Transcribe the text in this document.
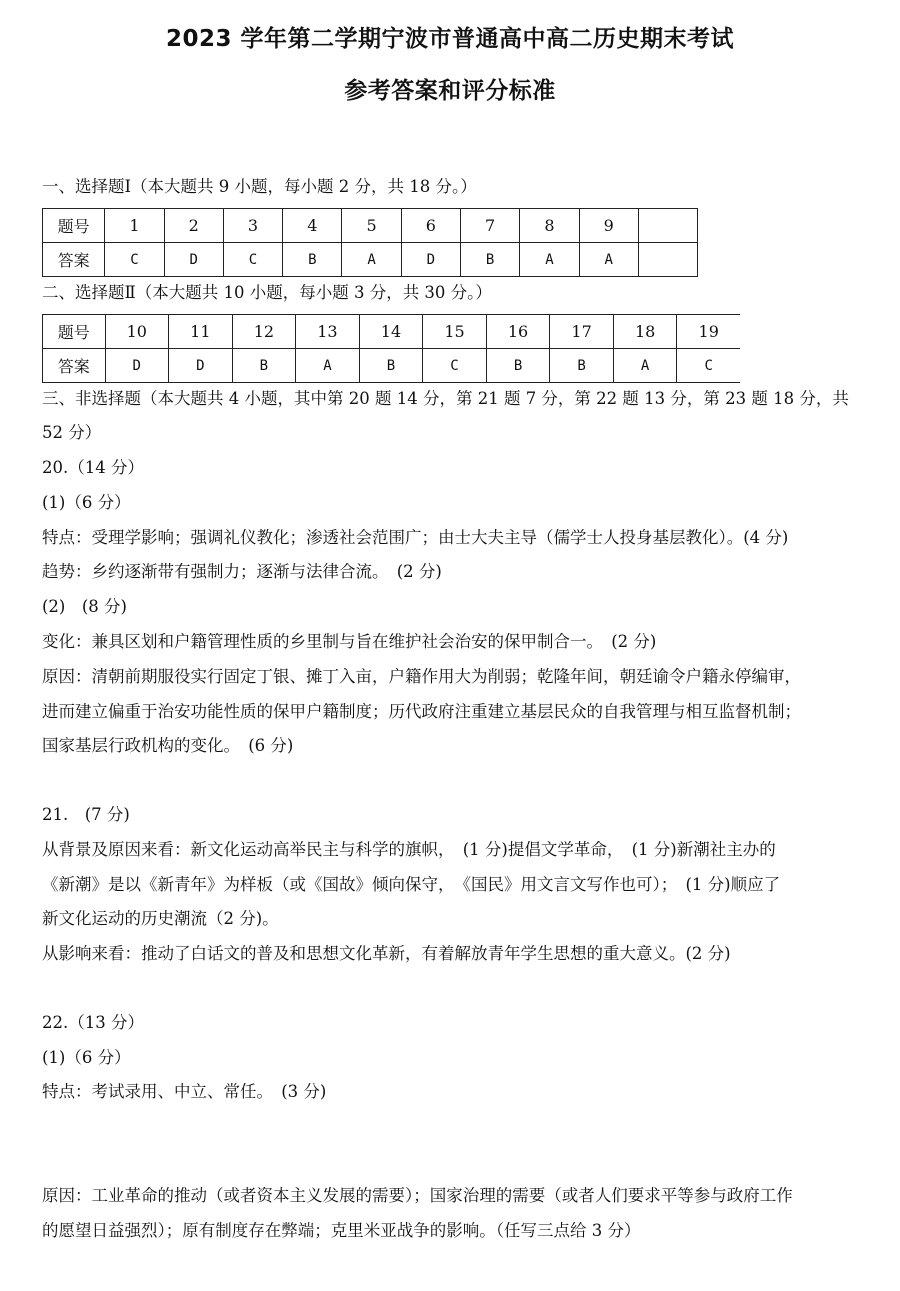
2023 学年第二学期宁波市普通高中高二历史期末考试
参考答案和评分标准
一、选择题Ⅰ（本大题共 9 小题，每小题 2 分，共 18 分。）
题号	1	2	3	4	5	6	7	8	9	
答案	C	D	C	B	A	D	B	A	A	
二、选择题Ⅱ（本大题共 10 小题，每小题 3 分，共 30 分。）
题号	10	11	12	13	14	15	16	17	18	19
答案	D	D	B	A	B	C	B	B	A	C
三、非选择题（本大题共 4 小题，其中第 20 题 14 分，第 21 题 7 分，第 22 题 13 分，第 23 题 18 分，共
52 分）
20.（14 分）
(1)（6 分）
特点：受理学影响；强调礼仪教化；渗透社会范围广；由士大夫主导（儒学士人投身基层教化）。(4 分)
趋势：乡约逐渐带有强制力；逐渐与法律合流。　(2 分)
(2)　(8 分)
变化：兼具区划和户籍管理性质的乡里制与旨在维护社会治安的保甲制合一。　(2 分)
原因：清朝前期服役实行固定丁银、摊丁入亩，户籍作用大为削弱；乾隆年间，朝廷谕令户籍永停编审，
进而建立偏重于治安功能性质的保甲户籍制度；历代政府注重建立基层民众的自我管理与相互监督机制；
国家基层行政机构的变化。　(6 分)
21.　(7 分)
从背景及原因来看：新文化运动高举民主与科学的旗帜，　(1 分)提倡文学革命，　(1 分)新潮社主办的
《新潮》是以《新青年》为样板（或《国故》倾向保守，　《国民》用文言文写作也可）；　(1 分)顺应了
新文化运动的历史潮流（2 分)。
从影响来看：推动了白话文的普及和思想文化革新，有着解放青年学生思想的重大意义。(2 分)
22.（13 分）
(1)（6 分）
特点：考试录用、中立、常任。　(3 分)
原因：工业革命的推动（或者资本主义发展的需要）；国家治理的需要（或者人们要求平等参与政府工作
的愿望日益强烈）；原有制度存在弊端；克里米亚战争的影响。（任写三点给 3 分）
